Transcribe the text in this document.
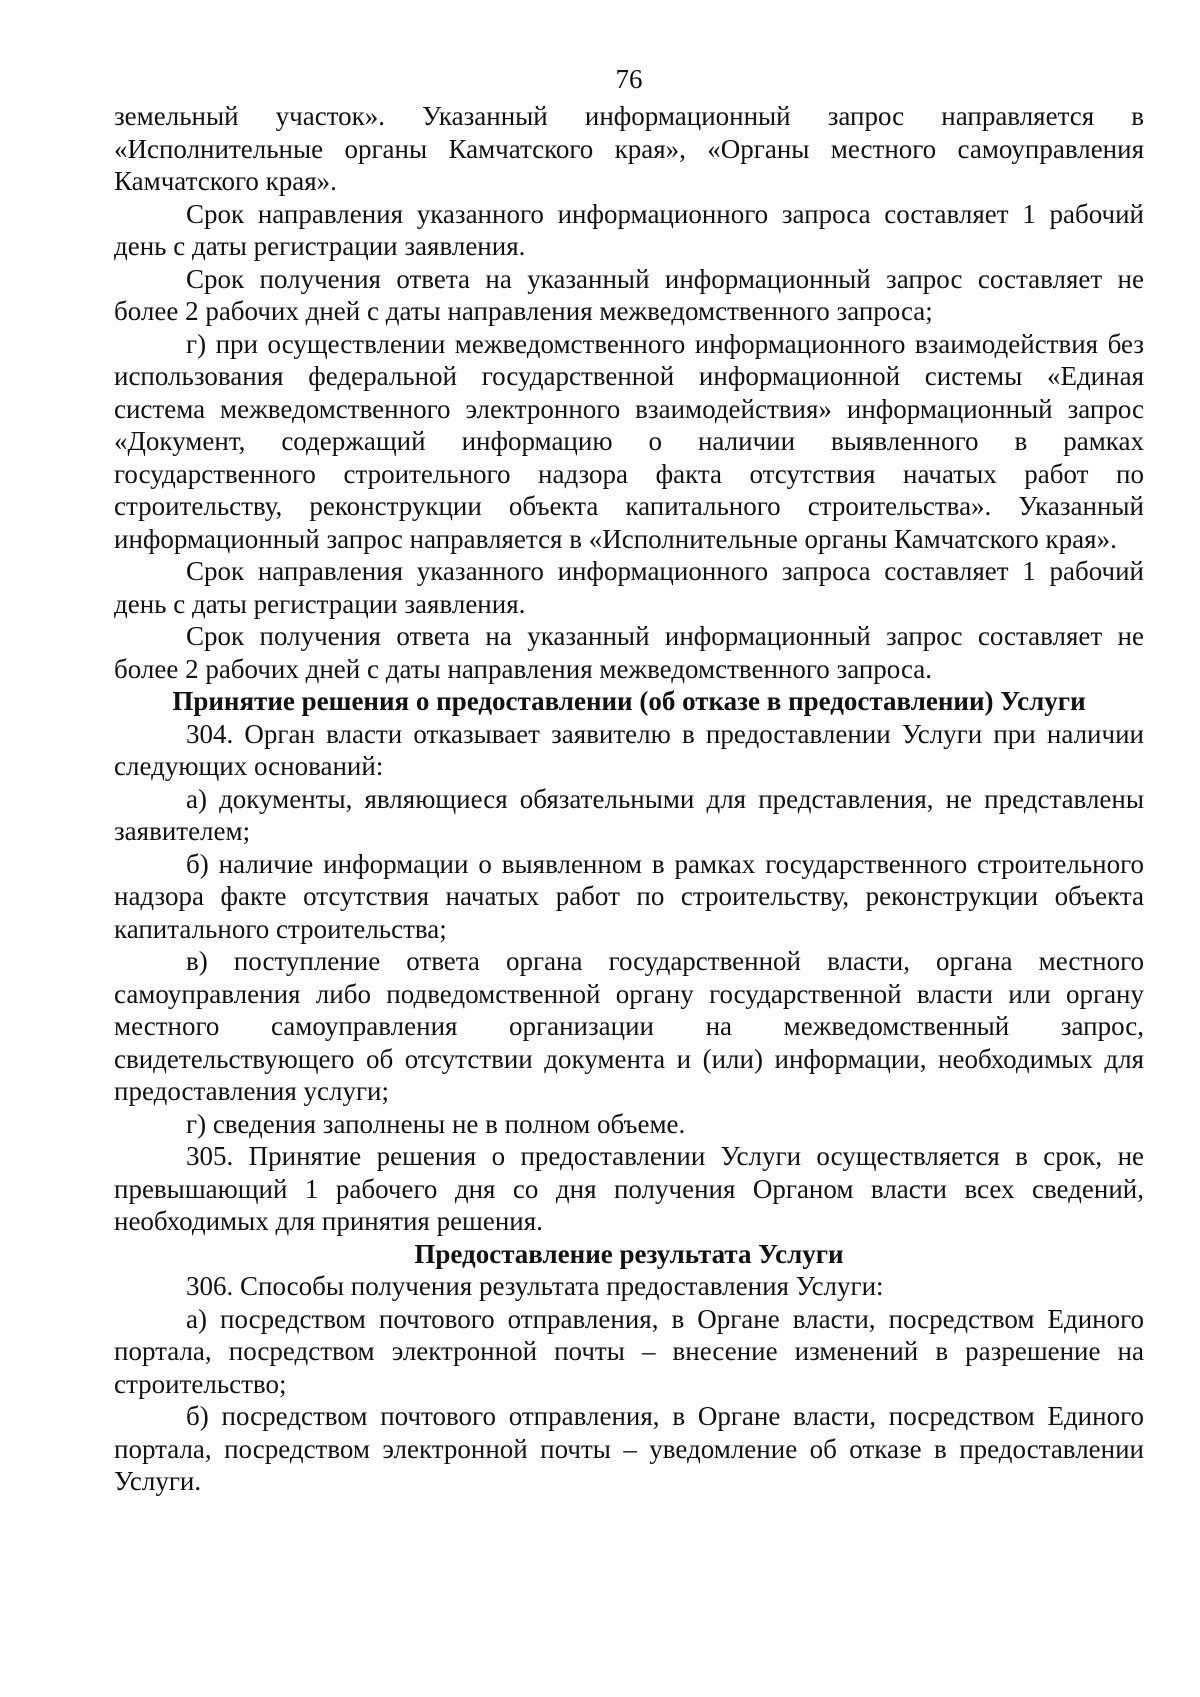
76

земельный участок». Указанный информационный запрос направляется в «Исполнительные органы Камчатского края», «Органы местного самоуправления Камчатского края».

Срок направления указанного информационного запроса составляет 1 рабочий день с даты регистрации заявления.

Срок получения ответа на указанный информационный запрос составляет не более 2 рабочих дней с даты направления межведомственного запроса;

г) при осуществлении межведомственного информационного взаимодействия без использования федеральной государственной информационной системы «Единая система межведомственного электронного взаимодействия» информационный запрос «Документ, содержащий информацию о наличии выявленного в рамках государственного строительного надзора факта отсутствия начатых работ по строительству, реконструкции объекта капитального строительства». Указанный информационный запрос направляется в «Исполнительные органы Камчатского края».

Срок направления указанного информационного запроса составляет 1 рабочий день с даты регистрации заявления.

Срок получения ответа на указанный информационный запрос составляет не более 2 рабочих дней с даты направления межведомственного запроса.

Принятие решения о предоставлении (об отказе в предоставлении) Услуги

304. Орган власти отказывает заявителю в предоставлении Услуги при наличии следующих оснований:

а) документы, являющиеся обязательными для представления, не представлены заявителем;

б) наличие информации о выявленном в рамках государственного строительного надзора факте отсутствия начатых работ по строительству, реконструкции объекта капитального строительства;

в) поступление ответа органа государственной власти, органа местного самоуправления либо подведомственной органу государственной власти или органу местного самоуправления организации на межведомственный запрос, свидетельствующего об отсутствии документа и (или) информации, необходимых для предоставления услуги;

г) сведения заполнены не в полном объеме.

305. Принятие решения о предоставлении Услуги осуществляется в срок, не превышающий 1 рабочего дня со дня получения Органом власти всех сведений, необходимых для принятия решения.

Предоставление результата Услуги

306. Способы получения результата предоставления Услуги:

а) посредством почтового отправления, в Органе власти, посредством Единого портала, посредством электронной почты – внесение изменений в разрешение на строительство;

б) посредством почтового отправления, в Органе власти, посредством Единого портала, посредством электронной почты – уведомление об отказе в предоставлении Услуги.
